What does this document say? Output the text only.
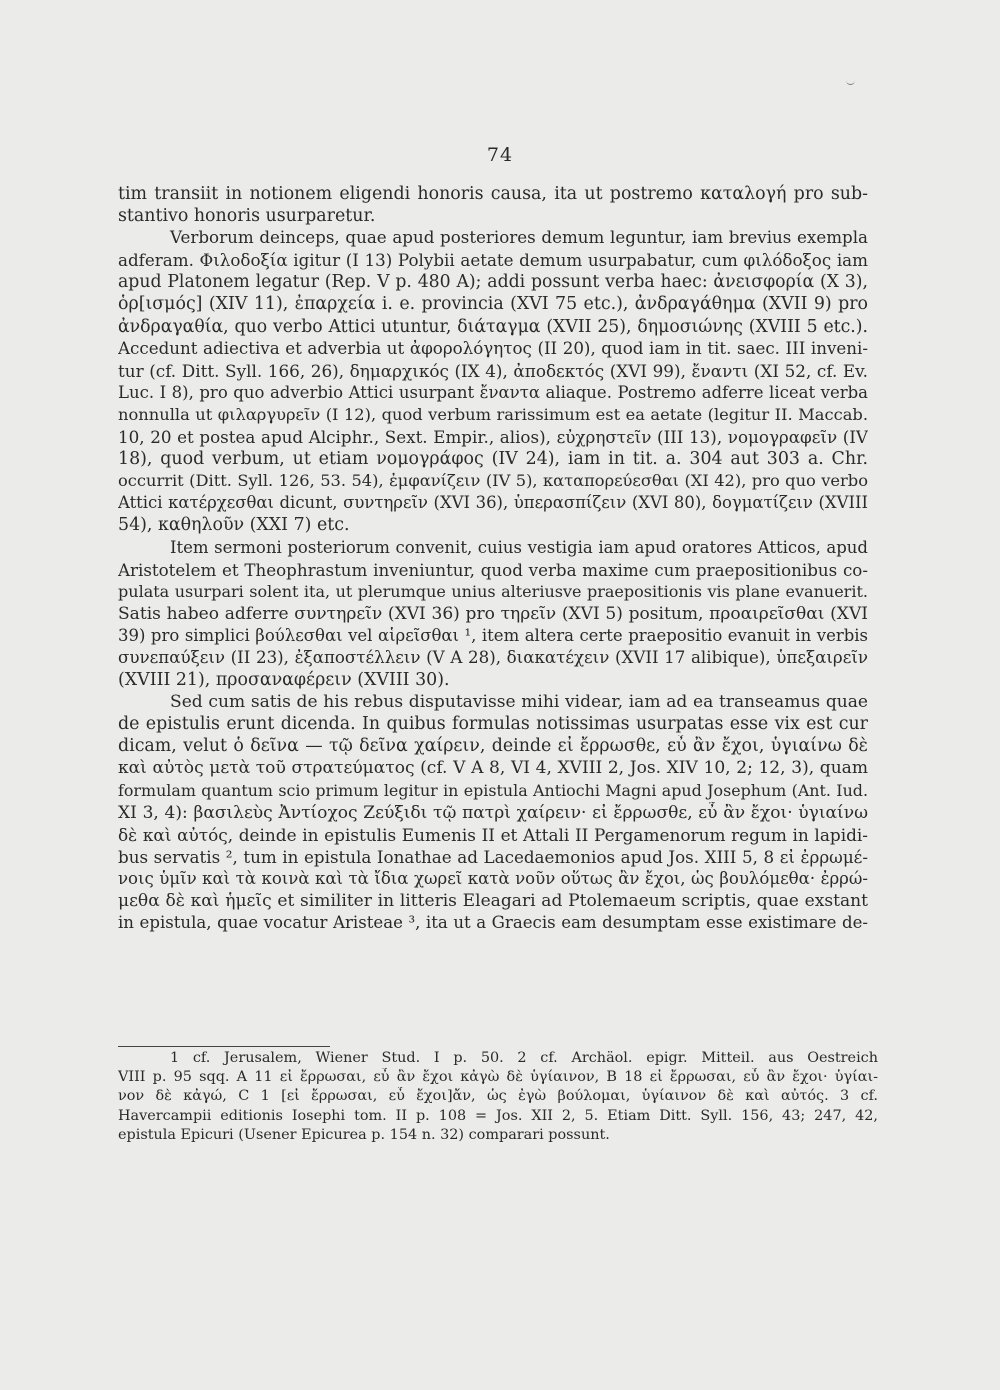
74
tim transiit in notionem eligendi honoris causa, ita ut postremo καταλογή pro sub-
stantivo honoris usurparetur.
Verborum deinceps, quae apud posteriores demum leguntur, iam brevius exempla
adferam. Φιλοδοξία igitur (I 13) Polybii aetate demum usurpabatur, cum φιλόδοξος iam
apud Platonem legatur (Rep. V p. 480 A); addi possunt verba haec: ἀνεισφορία (X 3),
ὁρ[ισμός] (XIV 11), ἐπαρχεία i. e. provincia (XVI 75 etc.), ἀνδραγάθημα (XVII 9) pro
ἀνδραγαθία, quo verbo Attici utuntur, διάταγμα (XVII 25), δημοσιώνης (XVIII 5 etc.).
Accedunt adiectiva et adverbia ut ἀφορολόγητος (II 20), quod iam in tit. saec. III inveni-
tur (cf. Ditt. Syll. 166, 26), δημαρχικός (IX 4), ἀποδεκτός (XVI 99), ἔναντι (XI 52, cf. Ev.
Luc. I 8), pro quo adverbio Attici usurpant ἔναντα aliaque. Postremo adferre liceat verba
nonnulla ut φιλαργυρεῖν (I 12), quod verbum rarissimum est ea aetate (legitur II. Maccab.
10, 20 et postea apud Alciphr., Sext. Empir., alios), εὐχρηστεῖν (III 13), νομογραφεῖν (IV
18), quod verbum, ut etiam νομογράφος (IV 24), iam in tit. a. 304 aut 303 a. Chr.
occurrit (Ditt. Syll. 126, 53. 54), ἐμφανίζειν (IV 5), καταπορεύεσθαι (XI 42), pro quo verbo
Attici κατέρχεσθαι dicunt, συντηρεῖν (XVI 36), ὑπερασπίζειν (XVI 80), δογματίζειν (XVIII
54), καθηλοῦν (XXI 7) etc.
Item sermoni posteriorum convenit, cuius vestigia iam apud oratores Atticos, apud
Aristotelem et Theophrastum inveniuntur, quod verba maxime cum praepositionibus co-
pulata usurpari solent ita, ut plerumque unius alteriusve praepositionis vis plane evanuerit.
Satis habeo adferre συντηρεῖν (XVI 36) pro τηρεῖν (XVI 5) positum, προαιρεῖσθαι (XVI
39) pro simplici βούλεσθαι vel αἱρεῖσθαι ¹, item altera certe praepositio evanuit in verbis
συνεπαύξειν (II 23), ἐξαποστέλλειν (V A 28), διακατέχειν (XVII 17 alibique), ὑπεξαιρεῖν
(XVIII 21), προσαναφέρειν (XVIII 30).
Sed cum satis de his rebus disputavisse mihi videar, iam ad ea transeamus quae
de epistulis erunt dicenda. In quibus formulas notissimas usurpatas esse vix est cur
dicam, velut ὁ δεῖνα — τῷ δεῖνα χαίρειν, deinde εἰ ἔρρωσθε, εὖ ἂν ἔχοι, ὑγιαίνω δὲ
καὶ αὐτὸς μετὰ τοῦ στρατεύματος (cf. V A 8, VI 4, XVIII 2, Jos. XIV 10, 2; 12, 3), quam
formulam quantum scio primum legitur in epistula Antiochi Magni apud Josephum (Ant. Iud.
XI 3, 4): βασιλεὺς Ἀντίοχος Ζεύξιδι τῷ πατρὶ χαίρειν· εἰ ἔρρωσθε, εὖ ἂν ἔχοι· ὑγιαίνω
δὲ καὶ αὐτός, deinde in epistulis Eumenis II et Attali II Pergamenorum regum in lapidi-
bus servatis ², tum in epistula Ionathae ad Lacedaemonios apud Jos. XIII 5, 8 εἰ ἐρρωμέ-
νοις ὑμῖν καὶ τὰ κοινὰ καὶ τὰ ἴδια χωρεῖ κατὰ νοῦν οὕτως ἂν ἔχοι, ὡς βουλόμεθα· ἐρρώ-
μεθα δὲ καὶ ἡμεῖς et similiter in litteris Eleagari ad Ptolemaeum scriptis, quae exstant
in epistula, quae vocatur Aristeae ³, ita ut a Graecis eam desumptam esse existimare de-
1 cf. Jerusalem, Wiener Stud. I p. 50. 2 cf. Archäol. epigr. Mitteil. aus Oestreich
VIII p. 95 sqq. A 11 εἰ ἔρρωσαι, εὖ ἂν ἔχοι κἀγὼ δὲ ὑγίαινον, B 18 εἰ ἔρρωσαι, εὖ ἂν ἔχοι· ὑγίαι-
νον δὲ κἀγώ, C 1 [εἰ ἔρρωσαι, εὖ ἔχοι]ἄν, ὡς ἐγὼ βούλομαι, ὑγίαινον δὲ καὶ αὐτός. 3 cf.
Havercampii editionis Iosephi tom. II p. 108 = Jos. XII 2, 5. Etiam Ditt. Syll. 156, 43; 247, 42,
epistula Epicuri (Usener Epicurea p. 154 n. 32) comparari possunt.
